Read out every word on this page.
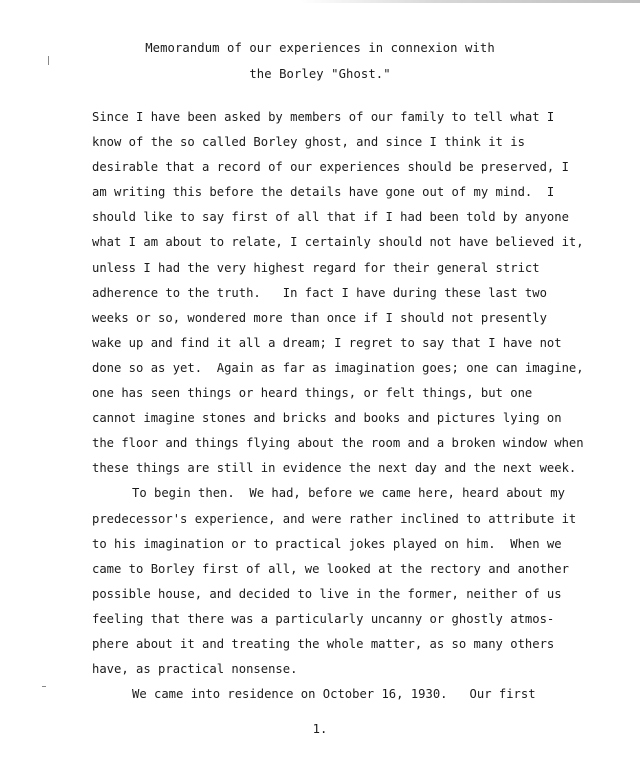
Memorandum of our experiences in connexion with
the Borley "Ghost."
Since I have been asked by members of our family to tell what I
know of the so called Borley ghost, and since I think it is
desirable that a record of our experiences should be preserved, I
am writing this before the details have gone out of my mind.  I
should like to say first of all that if I had been told by anyone
what I am about to relate, I certainly should not have believed it,
unless I had the very highest regard for their general strict
adherence to the truth.   In fact I have during these last two
weeks or so, wondered more than once if I should not presently
wake up and find it all a dream; I regret to say that I have not
done so as yet.  Again as far as imagination goes; one can imagine,
one has seen things or heard things, or felt things, but one
cannot imagine stones and bricks and books and pictures lying on
the floor and things flying about the room and a broken window when
these things are still in evidence the next day and the next week.
To begin then.  We had, before we came here, heard about my
predecessor's experience, and were rather inclined to attribute it
to his imagination or to practical jokes played on him.  When we
came to Borley first of all, we looked at the rectory and another
possible house, and decided to live in the former, neither of us
feeling that there was a particularly uncanny or ghostly atmos-
phere about it and treating the whole matter, as so many others
have, as practical nonsense.
We came into residence on October 16, 1930.   Our first
1.
